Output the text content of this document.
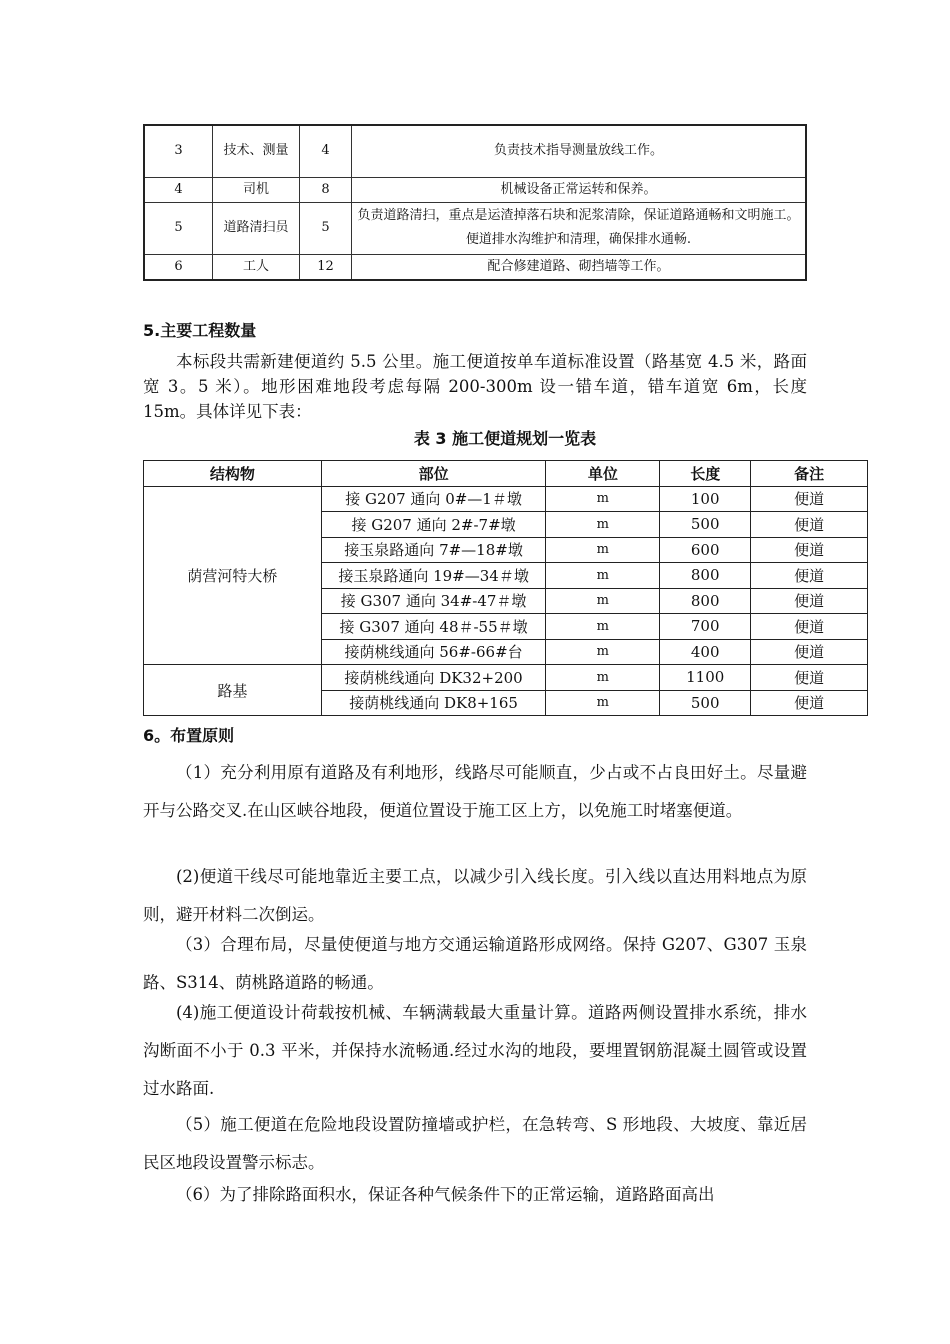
3	技术、测量	4	负责技术指导测量放线工作。
4	司机	8	机械设备正常运转和保养。
5	道路清扫员	5	负责道路清扫，重点是运渣掉落石块和泥浆清除，保证道路通畅和文明施工。便道排水沟维护和清理，确保排水通畅.
6	工人	12	配合修建道路、砌挡墙等工作。
5.主要工程数量

本标段共需新建便道约 5.5 公里。施工便道按单车道标准设置（路基宽 4.5 米，路面宽 3。5 米）。地形困难地段考虑每隔 200-300m 设一错车道，错车道宽 6m，长度 15m。具体详见下表：

表 3 施工便道规划一览表
结构物	部位	单位	长度	备注
荫营河特大桥	接 G207 通向 0#—1＃墩	m	100	便道
	接 G207 通向 2#-7#墩	m	500	便道
	接玉泉路通向 7#—18#墩	m	600	便道
	接玉泉路通向 19#—34＃墩	m	800	便道
	接 G307 通向 34#-47＃墩	m	800	便道
	接 G307 通向 48＃-55＃墩	m	700	便道
	接荫桃线通向 56#-66#台	m	400	便道
路基	接荫桃线通向 DK32+200	m	1100	便道
	接荫桃线通向 DK8+165	m	500	便道
6。布置原则

（1）充分利用原有道路及有利地形，线路尽可能顺直，少占或不占良田好土。尽量避开与公路交叉.在山区峡谷地段，便道位置设于施工区上方，以免施工时堵塞便道。

(2)便道干线尽可能地靠近主要工点，以减少引入线长度。引入线以直达用料地点为原则，避开材料二次倒运。

（3）合理布局，尽量使便道与地方交通运输道路形成网络。保持 G207、G307 玉泉路、S314、荫桃路道路的畅通。

(4)施工便道设计荷载按机械、车辆满载最大重量计算。道路两侧设置排水系统，排水沟断面不小于 0.3 平米，并保持水流畅通.经过水沟的地段，要埋置钢筋混凝土圆管或设置过水路面.

（5）施工便道在危险地段设置防撞墙或护栏，在急转弯、S 形地段、大坡度、靠近居民区地段设置警示标志。

（6）为了排除路面积水，保证各种气候条件下的正常运输，道路路面高出
